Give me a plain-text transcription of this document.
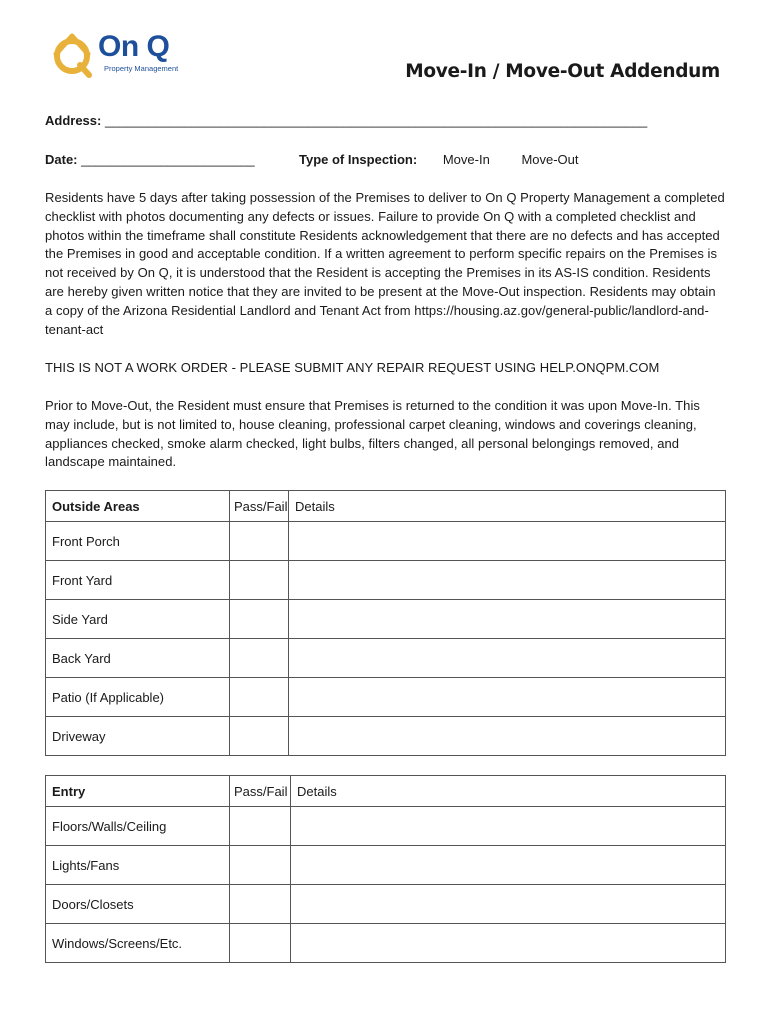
On Q
Property Management	Move-In / Move-Out Addendum
Address: ___________________________________________________________________________
Date: ________________________	Type of Inspection: Move-In Move-Out

Residents have 5 days after taking possession of the Premises to deliver to On Q Property Management a completed checklist with photos documenting any defects or issues. Failure to provide On Q with a completed checklist and photos within the timeframe shall constitute Residents acknowledgement that there are no defects and has accepted the Premises in good and acceptable condition. If a written agreement to perform specific repairs on the Premises is not received by On Q, it is understood that the Resident is accepting the Premises in its AS-IS condition. Residents are hereby given written notice that they are invited to be present at the Move-Out inspection. Residents may obtain a copy of the Arizona Residential Landlord and Tenant Act from https://housing.az.gov/general-public/landlord-and-tenant-act

THIS IS NOT A WORK ORDER - PLEASE SUBMIT ANY REPAIR REQUEST USING HELP.ONQPM.COM

Prior to Move-Out, the Resident must ensure that Premises is returned to the condition it was upon Move-In. This may include, but is not limited to, house cleaning, professional carpet cleaning, windows and coverings cleaning, appliances checked, smoke alarm checked, light bulbs, filters changed, all personal belongings removed, and landscape maintained.

Outside Areas	Pass/Fail	Details
Front Porch		
Front Yard		
Side Yard		
Back Yard		
Patio (If Applicable)		
Driveway		
Entry	Pass/Fail	Details
Floors/Walls/Ceiling		
Lights/Fans		
Doors/Closets		
Windows/Screens/Etc.		
